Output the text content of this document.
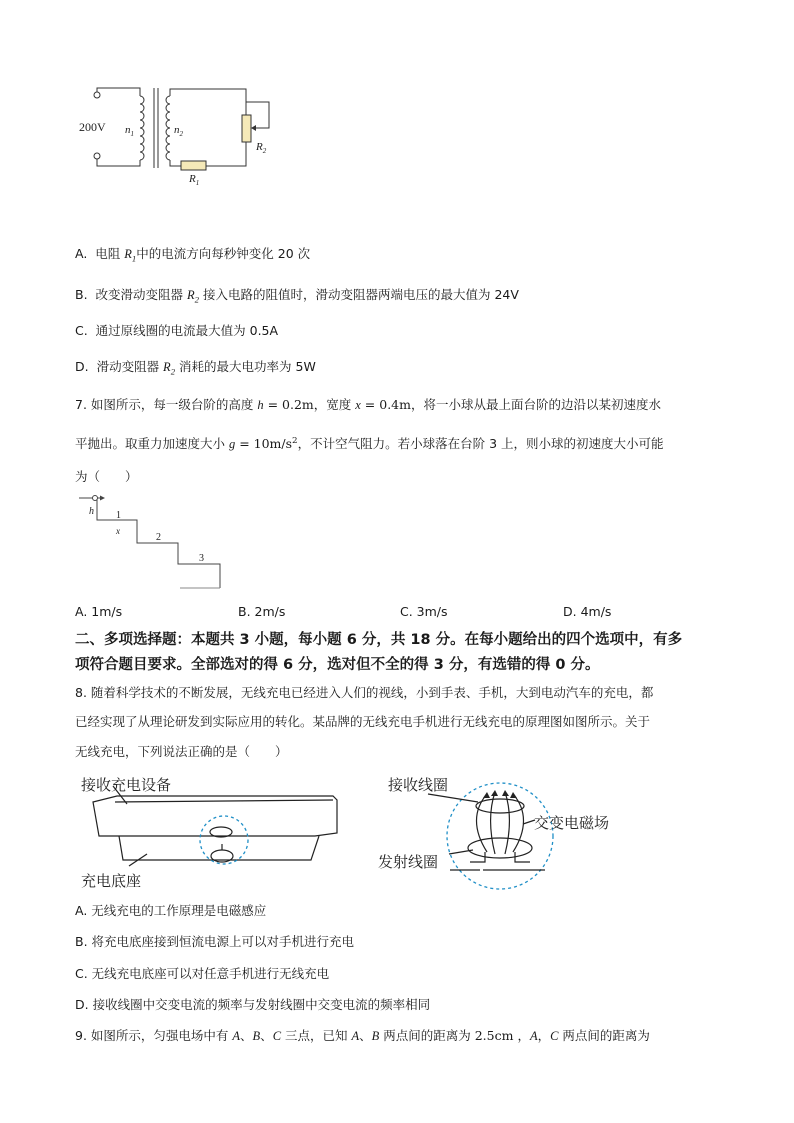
200V $n_1$	$n_2$
$R_1$
$R_2$
A. 电阻 $R_1$中的电流方向每秒钟变化 20 次
B. 改变滑动变阻器 $R_2$ 接入电路的阻值时，滑动变阻器两端电压的最大值为 24V
C. 通过原线圈的电流最大值为 0.5A
D. 滑动变阻器 $R_2$ 消耗的最大电功率为 5W
7. 如图所示，每一级台阶的高度 h = 0.2m，宽度 x = 0.4m，将一小球从最上面台阶的边沿以某初速度水
平抛出。取重力加速度大小 $g = 10m/s^2$，不计空气阻力。若小球落在台阶 3 上，则小球的初速度大小可能
为（　　）
h
x
1
2
3
A. 1m/s	B. 2m/s	C. 3m/s	D. 4m/s
二、多项选择题：本题共 3 小题，每小题 6 分，共 18 分。在每小题给出的四个选项中，有多
项符合题目要求。全部选对的得 6 分，选对但不全的得 3 分，有选错的得 0 分。
8. 随着科学技术的不断发展，无线充电已经进入人们的视线，小到手表、手机，大到电动汽车的充电，都
已经实现了从理论研发到实际应用的转化。某品牌的无线充电手机进行无线充电的原理图如图所示。关于
无线充电，下列说法正确的是（　　）
接收充电设备
充电底座
接收线圈
交变电磁场
发射线圈
A. 无线充电的工作原理是电磁感应
B. 将充电底座接到恒流电源上可以对手机进行充电
C. 无线充电底座可以对任意手机进行无线充电
D. 接收线圈中交变电流的频率与发射线圈中交变电流的频率相同
9. 如图所示，匀强电场中有 A、B、C 三点，已知 A、B 两点间的距离为 2.5cm ，A，C 两点间的距离为
